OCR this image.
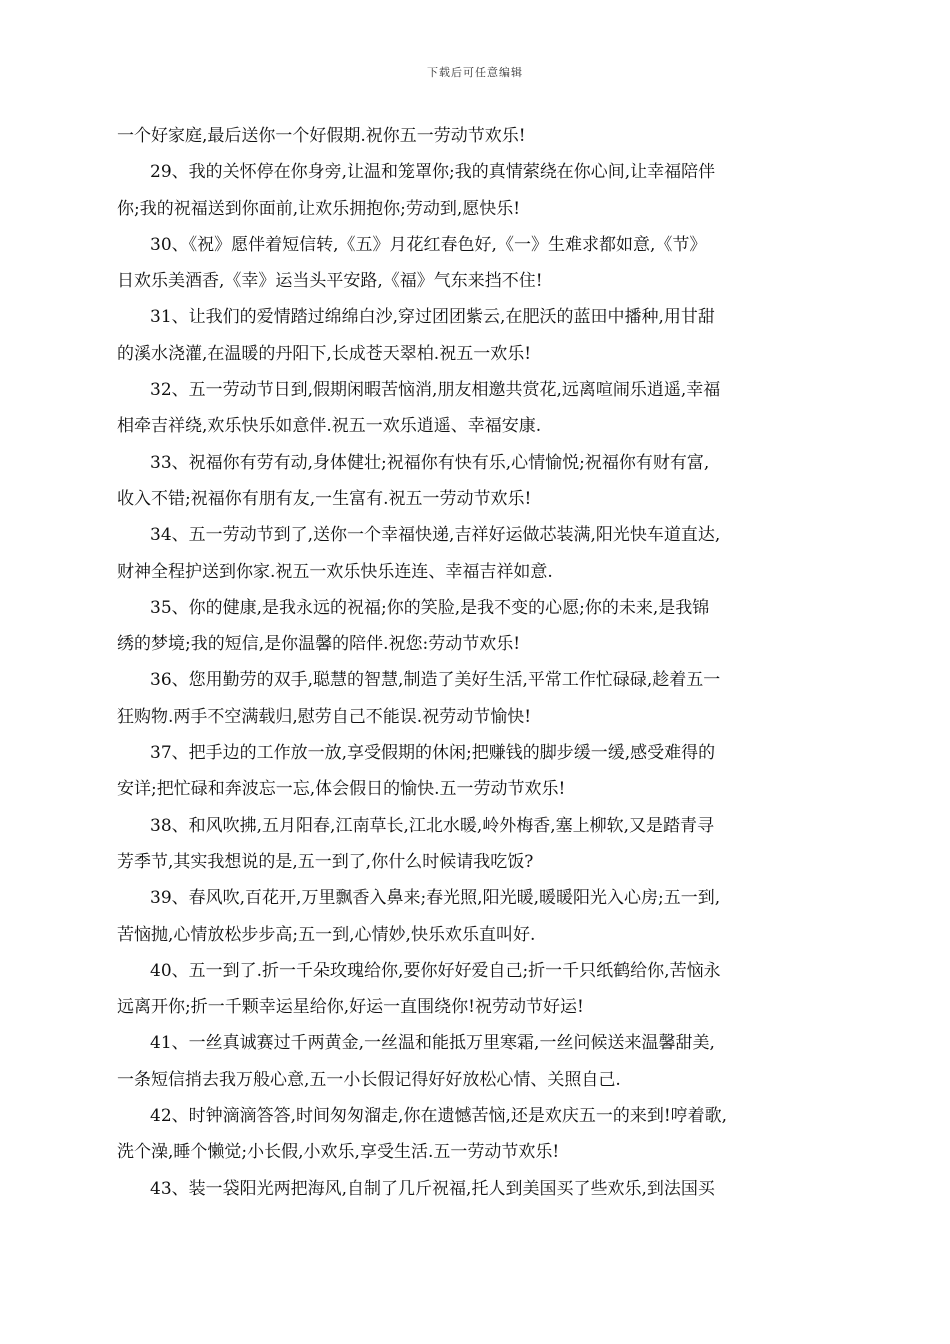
下载后可任意编辑
一个好家庭,最后送你一个好假期.祝你五一劳动节欢乐!
29、我的关怀停在你身旁,让温和笼罩你;我的真情萦绕在你心间,让幸福陪伴
你;我的祝福送到你面前,让欢乐拥抱你;劳动到,愿快乐!
30、《祝》愿伴着短信转,《五》月花红春色好,《一》生难求都如意,《节》
日欢乐美酒香,《幸》运当头平安路,《福》气东来挡不住!
31、让我们的爱情踏过绵绵白沙,穿过团团紫云,在肥沃的蓝田中播种,用甘甜
的溪水浇灌,在温暖的丹阳下,长成苍天翠柏.祝五一欢乐!
32、五一劳动节日到,假期闲暇苦恼消,朋友相邀共赏花,远离喧闹乐逍遥,幸福
相牵吉祥绕,欢乐快乐如意伴.祝五一欢乐逍遥、幸福安康.
33、祝福你有劳有动,身体健壮;祝福你有快有乐,心情愉悦;祝福你有财有富,
收入不错;祝福你有朋有友,一生富有.祝五一劳动节欢乐!
34、五一劳动节到了,送你一个幸福快递,吉祥好运做芯装满,阳光快车道直达,
财神全程护送到你家.祝五一欢乐快乐连连、幸福吉祥如意.
35、你的健康,是我永远的祝福;你的笑脸,是我不变的心愿;你的未来,是我锦
绣的梦境;我的短信,是你温馨的陪伴.祝您:劳动节欢乐!
36、您用勤劳的双手,聪慧的智慧,制造了美好生活,平常工作忙碌碌,趁着五一
狂购物.两手不空满载归,慰劳自己不能误.祝劳动节愉快!
37、把手边的工作放一放,享受假期的休闲;把赚钱的脚步缓一缓,感受难得的
安详;把忙碌和奔波忘一忘,体会假日的愉快.五一劳动节欢乐!
38、和风吹拂,五月阳春,江南草长,江北水暖,岭外梅香,塞上柳软,又是踏青寻
芳季节,其实我想说的是,五一到了,你什么时候请我吃饭?
39、春风吹,百花开,万里飘香入鼻来;春光照,阳光暖,暖暖阳光入心房;五一到,
苦恼抛,心情放松步步高;五一到,心情妙,快乐欢乐直叫好.
40、五一到了.折一千朵玫瑰给你,要你好好爱自己;折一千只纸鹤给你,苦恼永
远离开你;折一千颗幸运星给你,好运一直围绕你!祝劳动节好运!
41、一丝真诚赛过千两黄金,一丝温和能抵万里寒霜,一丝问候送来温馨甜美,
一条短信捎去我万般心意,五一小长假记得好好放松心情、关照自己.
42、时钟滴滴答答,时间匆匆溜走,你在遗憾苦恼,还是欢庆五一的来到!哼着歌,
洗个澡,睡个懒觉;小长假,小欢乐,享受生活.五一劳动节欢乐!
43、装一袋阳光两把海风,自制了几斤祝福,托人到美国买了些欢乐,到法国买
